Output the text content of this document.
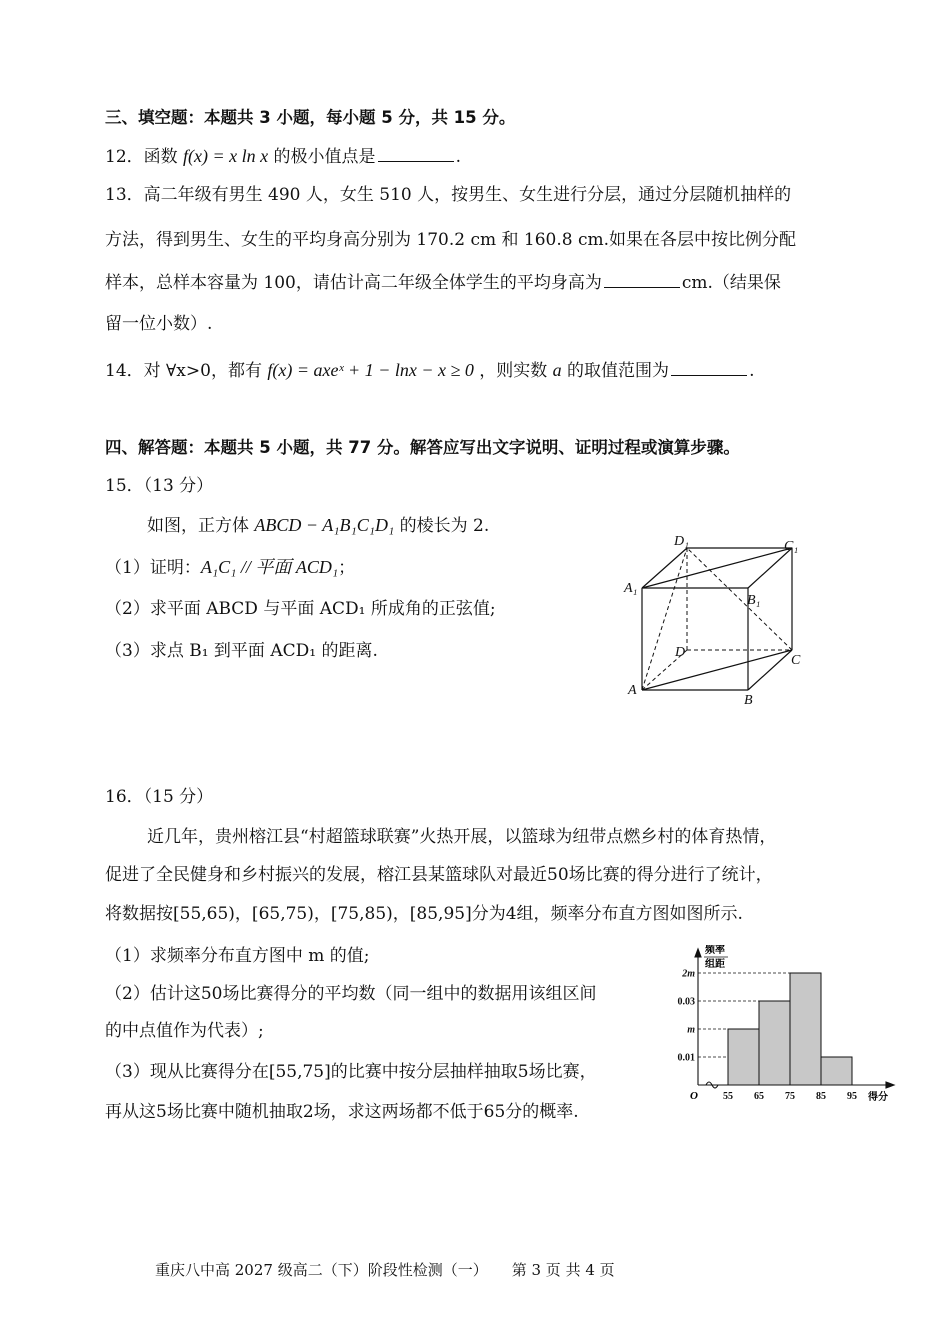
三、填空题：本题共 3 小题，每小题 5 分，共 15 分。
12．函数 f(x) = x ln x 的极小值点是	.
13．高二年级有男生 490 人，女生 510 人，按男生、女生进行分层，通过分层随机抽样的
方法，得到男生、女生的平均身高分别为 170.2 cm 和 160.8 cm.如果在各层中按比例分配
样本，总样本容量为 100，请估计高二年级全体学生的平均身高为	cm.（结果保
留一位小数）.
14．对 ∀x>0，都有 f(x) = axeˣ + 1 − lnx − x ≥ 0 ，则实数 a 的取值范围为	.
四、解答题：本题共 5 小题，共 77 分。解答应写出文字说明、证明过程或演算步骤。
15．（13 分）
如图，正方体 ABCD − A₁B₁C₁D₁ 的棱长为 2.
（1）证明：A₁C₁ // 平面 ACD₁；
（2）求平面 ABCD 与平面 ACD₁ 所成角的正弦值;
（3）求点 B₁ 到平面 ACD₁ 的距离.
D₁	C₁
A₁
B₁
D
C
A
B
16．（15 分）
近几年，贵州榕江县“村超篮球联赛”火热开展，以篮球为纽带点燃乡村的体育热情，
促进了全民健身和乡村振兴的发展，榕江县某篮球队对最近50场比赛的得分进行了统计，
将数据按[55,65)，[65,75)，[75,85)，[85,95]分为4组，频率分布直方图如图所示.
（1）求频率分布直方图中 m 的值;
（2）估计这50场比赛得分的平均数（同一组中的数据用该组区间
的中点值作为代表）;
（3）现从比赛得分在[55,75]的比赛中按分层抽样抽取5场比赛，
再从这5场比赛中随机抽取2场，求这两场都不低于65分的概率.
0.01
m
0.03
2m
55 65 75 85 95
频率
组距
得分
O
重庆八中高 2027 级高二（下）阶段性检测（一） 第 3 页 共 4 页
